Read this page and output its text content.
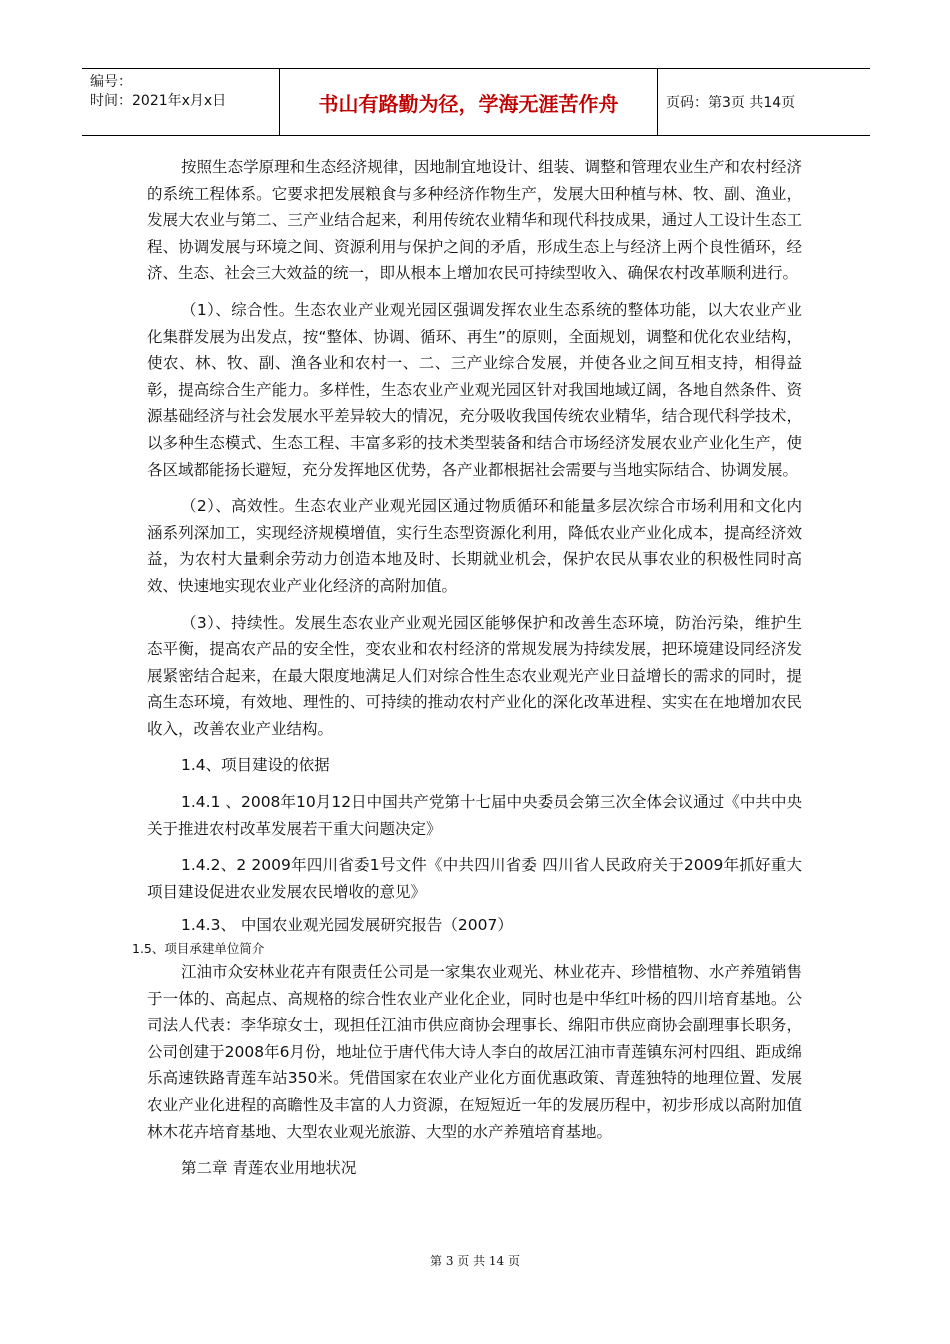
编号：
时间：2021年x月x日	书山有路勤为径，学海无涯苦作舟	页码：第3页 共14页

按照生态学原理和生态经济规律，因地制宜地设计、组装、调整和管理农业生产和农村经济的系统工程体系。它要求把发展粮食与多种经济作物生产，发展大田种植与林、牧、副、渔业，发展大农业与第二、三产业结合起来，利用传统农业精华和现代科技成果，通过人工设计生态工程、协调发展与环境之间、资源利用与保护之间的矛盾，形成生态上与经济上两个良性循环，经济、生态、社会三大效益的统一，即从根本上增加农民可持续型收入、确保农村改革顺利进行。

（1）、综合性。生态农业产业观光园区强调发挥农业生态系统的整体功能，以大农业产业化集群发展为出发点，按“整体、协调、循环、再生”的原则，全面规划，调整和优化农业结构，使农、林、牧、副、渔各业和农村一、二、三产业综合发展，并使各业之间互相支持，相得益彰，提高综合生产能力。多样性，生态农业产业观光园区针对我国地域辽阔，各地自然条件、资源基础经济与社会发展水平差异较大的情况，充分吸收我国传统农业精华，结合现代科学技术，以多种生态模式、生态工程、丰富多彩的技术类型装备和结合市场经济发展农业产业化生产，使各区域都能扬长避短，充分发挥地区优势，各产业都根据社会需要与当地实际结合、协调发展。

（2）、高效性。生态农业产业观光园区通过物质循环和能量多层次综合市场利用和文化内涵系列深加工，实现经济规模增值，实行生态型资源化利用，降低农业产业化成本，提高经济效益，为农村大量剩余劳动力创造本地及时、长期就业机会，保护农民从事农业的积极性同时高效、快速地实现农业产业化经济的高附加值。

（3）、持续性。发展生态农业产业观光园区能够保护和改善生态环境，防治污染，维护生态平衡，提高农产品的安全性，变农业和农村经济的常规发展为持续发展，把环境建设同经济发展紧密结合起来，在最大限度地满足人们对综合性生态农业观光产业日益增长的需求的同时，提高生态环境，有效地、理性的、可持续的推动农村产业化的深化改革进程、实实在在地增加农民收入，改善农业产业结构。

1.4、项目建设的依据

1.4.1 、2008年10月12日中国共产党第十七届中央委员会第三次全体会议通过《中共中央关于推进农村改革发展若干重大问题决定》

1.4.2、2 2009年四川省委1号文件《中共四川省委 四川省人民政府关于2009年抓好重大项目建设促进农业发展农民增收的意见》

1.4.3、 中国农业观光园发展研究报告（2007）

1.5、项目承建单位简介

江油市众安林业花卉有限责任公司是一家集农业观光、林业花卉、珍惜植物、水产养殖销售于一体的、高起点、高规格的综合性农业产业化企业，同时也是中华红叶杨的四川培育基地。公司法人代表：李华琼女士，现担任江油市供应商协会理事长、绵阳市供应商协会副理事长职务，公司创建于2008年6月份，地址位于唐代伟大诗人李白的故居江油市青莲镇东河村四组、距成绵乐高速铁路青莲车站350米。凭借国家在农业产业化方面优惠政策、青莲独特的地理位置、发展农业产业化进程的高瞻性及丰富的人力资源，在短短近一年的发展历程中，初步形成以高附加值林木花卉培育基地、大型农业观光旅游、大型的水产养殖培育基地。

第二章 青莲农业用地状况

第 3 页 共 14 页
